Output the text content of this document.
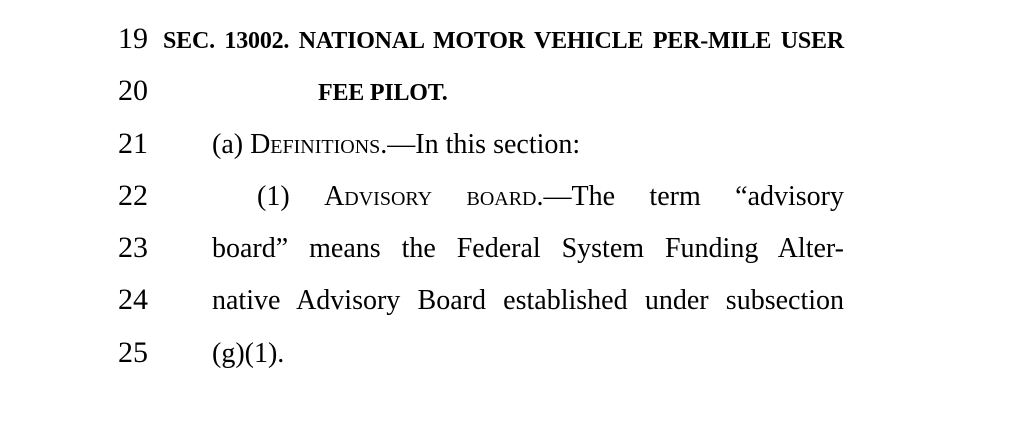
19 SEC. 13002. NATIONAL MOTOR VEHICLE PER-MILE USER
20	FEE PILOT.
21	(a) Definitions.—In this section:
22	(1) Advisory board.—The term “advisory
23	board” means the Federal System Funding Alter-
24	native Advisory Board established under subsection
25	(g)(1).
